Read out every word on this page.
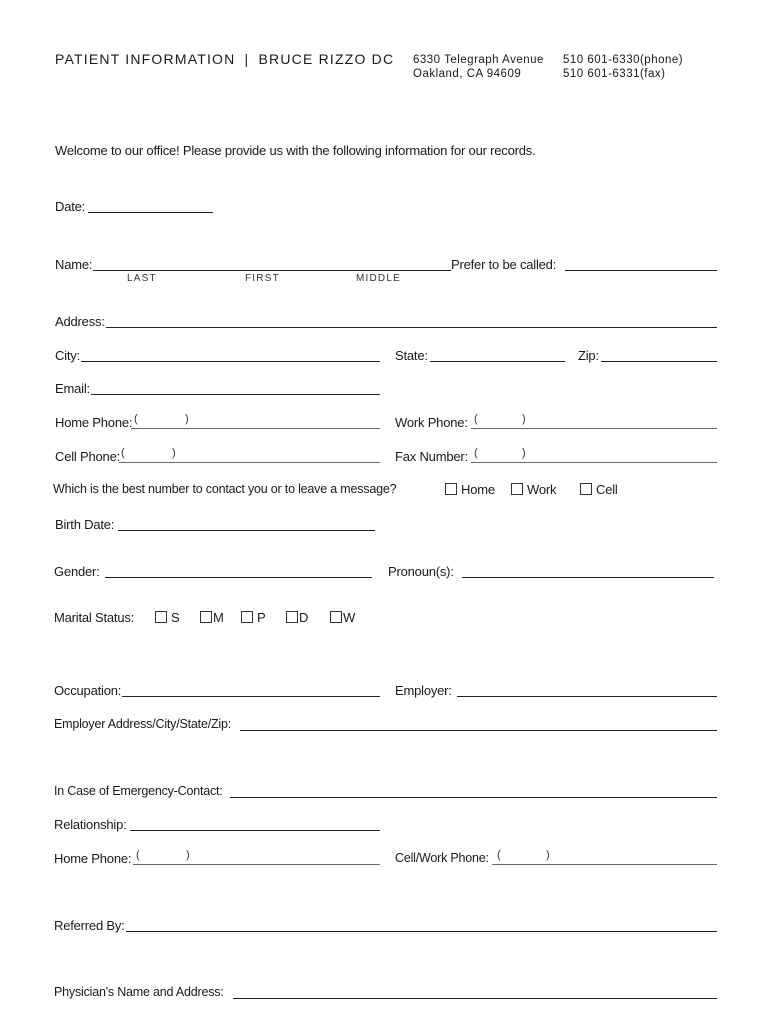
PATIENT INFORMATION | BRUCE RIZZO DC 6330 Telegraph Avenue
Oakland, CA 94609
510 601-6330(phone)
510 601-6331(fax)
Welcome to our office! Please provide us with the following information for our records.
Date:
Name:	Prefer to be called:
LAST	FIRST	MIDDLE
Address:
City:	State:	Zip:
Email:
Home Phone: (	)	Work Phone: (	)
Cell Phone: (	)	Fax Number: (	)
Which is the best number to contact you or to leave a message?	Home	Work	Cell
Birth Date:
Gender:	Pronoun(s):
Marital Status:	S	M	P	D	W
Occupation:	Employer:
Employer Address/City/State/Zip:
In Case of Emergency-Contact:
Relationship:
Home Phone: (	)	Cell/Work Phone: (	)
Referred By:
Physician's Name and Address:
